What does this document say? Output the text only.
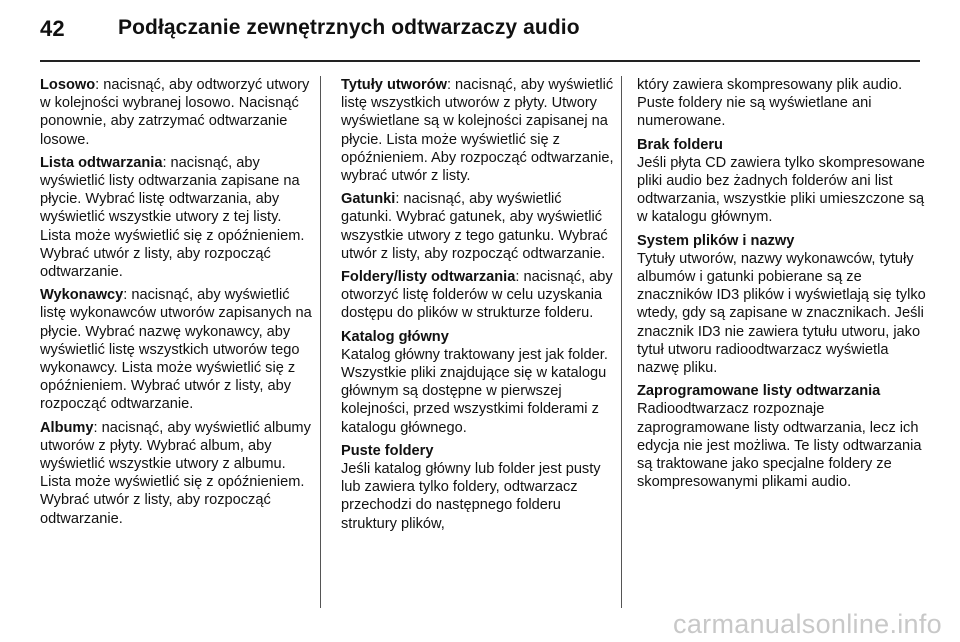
42	Podłączanie zewnętrznych odtwarzaczy audio

Losowo: nacisnąć, aby odtworzyć utwory w kolejności wybranej losowo. Nacisnąć ponownie, aby zatrzymać odtwarzanie losowe.

Lista odtwarzania: nacisnąć, aby wyświetlić listy odtwarzania zapisane na płycie. Wybrać listę odtwarzania, aby wyświetlić wszystkie utwory z tej listy. Lista może wyświetlić się z opóźnieniem. Wybrać utwór z listy, aby rozpocząć odtwarzanie.

Wykonawcy: nacisnąć, aby wyświetlić listę wykonawców utworów zapisanych na płycie. Wybrać nazwę wykonawcy, aby wyświetlić listę wszystkich utworów tego wykonawcy. Lista może wyświetlić się z opóźnieniem. Wybrać utwór z listy, aby rozpocząć odtwarzanie.

Albumy: nacisnąć, aby wyświetlić albumy utworów z płyty. Wybrać album, aby wyświetlić wszystkie utwory z albumu. Lista może wyświetlić się z opóźnieniem. Wybrać utwór z listy, aby rozpocząć odtwarzanie.

Tytuły utworów: nacisnąć, aby wyświetlić listę wszystkich utworów z płyty. Utwory wyświetlane są w kolejności zapisanej na płycie. Lista może wyświetlić się z opóźnieniem. Aby rozpocząć odtwarzanie, wybrać utwór z listy.

Gatunki: nacisnąć, aby wyświetlić gatunki. Wybrać gatunek, aby wyświetlić wszystkie utwory z tego gatunku. Wybrać utwór z listy, aby rozpocząć odtwarzanie.

Foldery/listy odtwarzania: nacisnąć, aby otworzyć listę folderów w celu uzyskania dostępu do plików w strukturze folderu.

Katalog główny
Katalog główny traktowany jest jak folder. Wszystkie pliki znajdujące się w katalogu głównym są dostępne w pierwszej kolejności, przed wszystkimi folderami z katalogu głównego.
Puste foldery
Jeśli katalog główny lub folder jest pusty lub zawiera tylko foldery, odtwarzacz przechodzi do następnego folderu struktury plików,

który zawiera skompresowany plik audio. Puste foldery nie są wyświetlane ani numerowane.

Brak folderu
Jeśli płyta CD zawiera tylko skompresowane pliki audio bez żadnych folderów ani list odtwarzania, wszystkie pliki umieszczone są w katalogu głównym.
System plików i nazwy
Tytuły utworów, nazwy wykonawców, tytuły albumów i gatunki pobierane są ze znaczników ID3 plików i wyświetlają się tylko wtedy, gdy są zapisane w znacznikach. Jeśli znacznik ID3 nie zawiera tytułu utworu, jako tytuł utworu radioodtwarzacz wyświetla nazwę pliku.
Zaprogramowane listy odtwarzania
Radioodtwarzacz rozpoznaje zaprogramowane listy odtwarzania, lecz ich edycja nie jest możliwa. Te listy odtwarzania są traktowane jako specjalne foldery ze skompresowanymi plikami audio.
carmanualsonline.info
